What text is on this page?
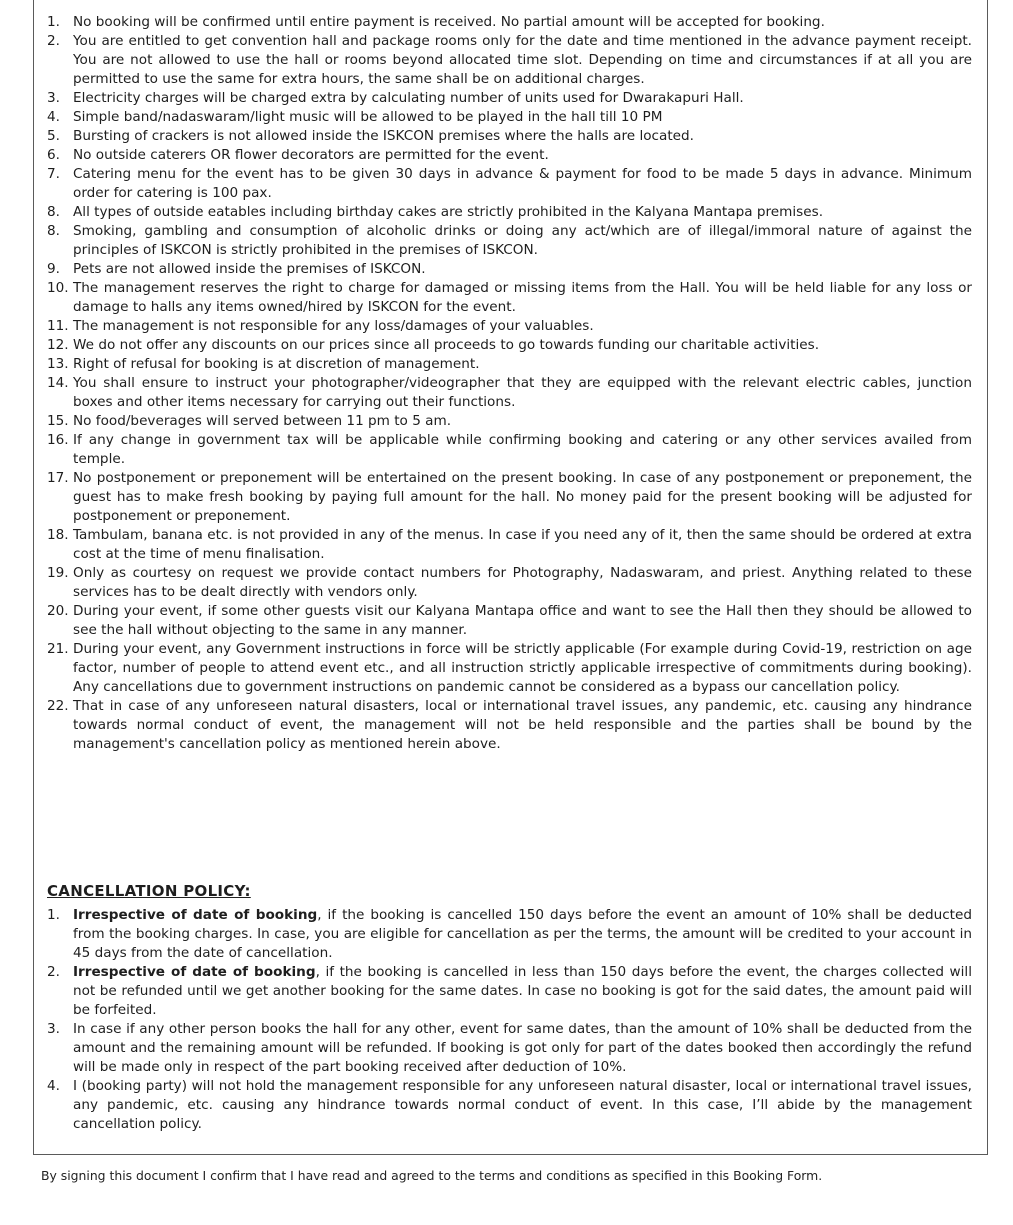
1. No booking will be confirmed until entire payment is received. No partial amount will be accepted for booking.
2. You are entitled to get convention hall and package rooms only for the date and time mentioned in the advance payment receipt. You are not allowed to use the hall or rooms beyond allocated time slot. Depending on time and circumstances if at all you are permitted to use the same for extra hours, the same shall be on additional charges.
3. Electricity charges will be charged extra by calculating number of units used for Dwarakapuri Hall.
4. Simple band/nadaswaram/light music will be allowed to be played in the hall till 10 PM
5. Bursting of crackers is not allowed inside the ISKCON premises where the halls are located.
6. No outside caterers OR flower decorators are permitted for the event.
7. Catering menu for the event has to be given 30 days in advance & payment for food to be made 5 days in advance. Minimum order for catering is 100 pax.
8. All types of outside eatables including birthday cakes are strictly prohibited in the Kalyana Mantapa premises.
8. Smoking, gambling and consumption of alcoholic drinks or doing any act/which are of illegal/immoral nature of against the principles of ISKCON is strictly prohibited in the premises of ISKCON.
9. Pets are not allowed inside the premises of ISKCON.
10. The management reserves the right to charge for damaged or missing items from the Hall. You will be held liable for any loss or damage to halls any items owned/hired by ISKCON for the event.
11. The management is not responsible for any loss/damages of your valuables.
12. We do not offer any discounts on our prices since all proceeds to go towards funding our charitable activities.
13. Right of refusal for booking is at discretion of management.
14. You shall ensure to instruct your photographer/videographer that they are equipped with the relevant electric cables, junction boxes and other items necessary for carrying out their functions.
15. No food/beverages will served between 11 pm to 5 am.
16. If any change in government tax will be applicable while confirming booking and catering or any other services availed from temple.
17. No postponement or preponement will be entertained on the present booking. In case of any postponement or preponement, the guest has to make fresh booking by paying full amount for the hall. No money paid for the present booking will be adjusted for postponement or preponement.
18. Tambulam, banana etc. is not provided in any of the menus. In case if you need any of it, then the same should be ordered at extra cost at the time of menu finalisation.
19. Only as courtesy on request we provide contact numbers for Photography, Nadaswaram, and priest. Anything related to these services has to be dealt directly with vendors only.
20. During your event, if some other guests visit our Kalyana Mantapa office and want to see the Hall then they should be allowed to see the hall without objecting to the same in any manner.
21. During your event, any Government instructions in force will be strictly applicable (For example during Covid-19, restriction on age factor, number of people to attend event etc., and all instruction strictly applicable irrespective of commitments during booking). Any cancellations due to government instructions on pandemic cannot be considered as a bypass our cancellation policy.
22. That in case of any unforeseen natural disasters, local or international travel issues, any pandemic, etc. causing any hindrance towards normal conduct of event, the management will not be held responsible and the parties shall be bound by the management's cancellation policy as mentioned herein above.
CANCELLATION POLICY:
1. Irrespective of date of booking, if the booking is cancelled 150 days before the event an amount of 10% shall be deducted from the booking charges. In case, you are eligible for cancellation as per the terms, the amount will be credited to your account in 45 days from the date of cancellation.
2. Irrespective of date of booking, if the booking is cancelled in less than 150 days before the event, the charges collected will not be refunded until we get another booking for the same dates. In case no booking is got for the said dates, the amount paid will be forfeited.
3. In case if any other person books the hall for any other, event for same dates, than the amount of 10% shall be deducted from the amount and the remaining amount will be refunded. If booking is got only for part of the dates booked then accordingly the refund will be made only in respect of the part booking received after deduction of 10%.
4. I (booking party) will not hold the management responsible for any unforeseen natural disaster, local or international travel issues, any pandemic, etc. causing any hindrance towards normal conduct of event. In this case, I’ll abide by the management cancellation policy.
By signing this document I confirm that I have read and agreed to the terms and conditions as specified in this Booking Form.
